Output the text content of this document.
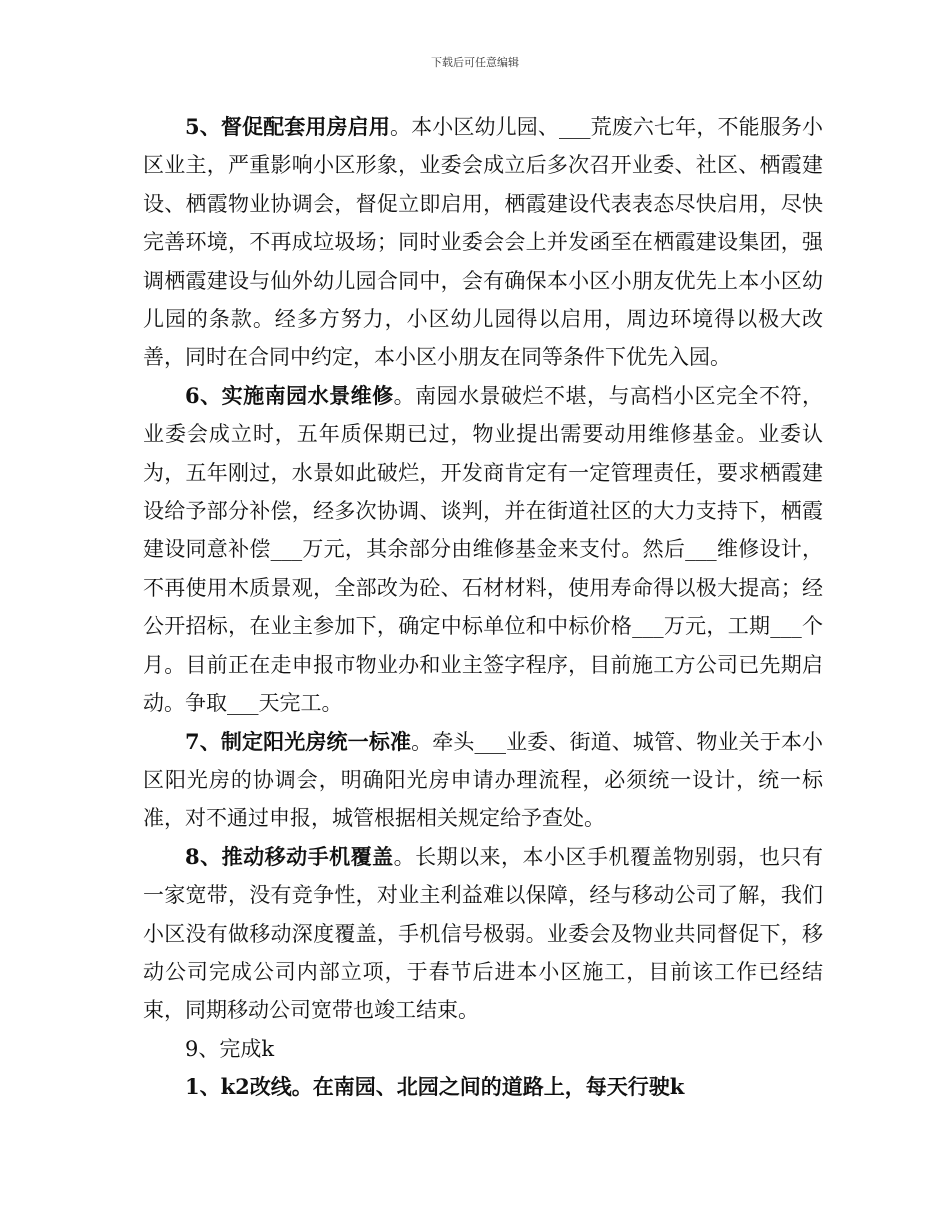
下载后可任意编辑

5、督促配套用房启用。本小区幼儿园、___荒废六七年，不能服务小区业主，严重影响小区形象，业委会成立后多次召开业委、社区、栖霞建设、栖霞物业协调会，督促立即启用，栖霞建设代表表态尽快启用，尽快完善环境，不再成垃圾场；同时业委会会上并发函至在栖霞建设集团，强调栖霞建设与仙外幼儿园合同中，会有确保本小区小朋友优先上本小区幼儿园的条款。经多方努力，小区幼儿园得以启用，周边环境得以极大改善，同时在合同中约定，本小区小朋友在同等条件下优先入园。

6、实施南园水景维修。南园水景破烂不堪，与高档小区完全不符，业委会成立时，五年质保期已过，物业提出需要动用维修基金。业委认为，五年刚过，水景如此破烂，开发商肯定有一定管理责任，要求栖霞建设给予部分补偿，经多次协调、谈判，并在街道社区的大力支持下，栖霞建设同意补偿___万元，其余部分由维修基金来支付。然后___维修设计，不再使用木质景观，全部改为砼、石材材料，使用寿命得以极大提高；经公开招标，在业主参加下，确定中标单位和中标价格___万元，工期___个月。目前正在走申报市物业办和业主签字程序，目前施工方公司已先期启动。争取___天完工。

7、制定阳光房统一标准。牵头___业委、街道、城管、物业关于本小区阳光房的协调会，明确阳光房申请办理流程，必须统一设计，统一标准，对不通过申报，城管根据相关规定给予查处。

8、推动移动手机覆盖。长期以来，本小区手机覆盖物别弱，也只有一家宽带，没有竞争性，对业主利益难以保障，经与移动公司了解，我们小区没有做移动深度覆盖，手机信号极弱。业委会及物业共同督促下，移动公司完成公司内部立项，于春节后进本小区施工，目前该工作已经结束，同期移动公司宽带也竣工结束。

9、完成k

1、k2改线。在南园、北园之间的道路上，每天行驶k
